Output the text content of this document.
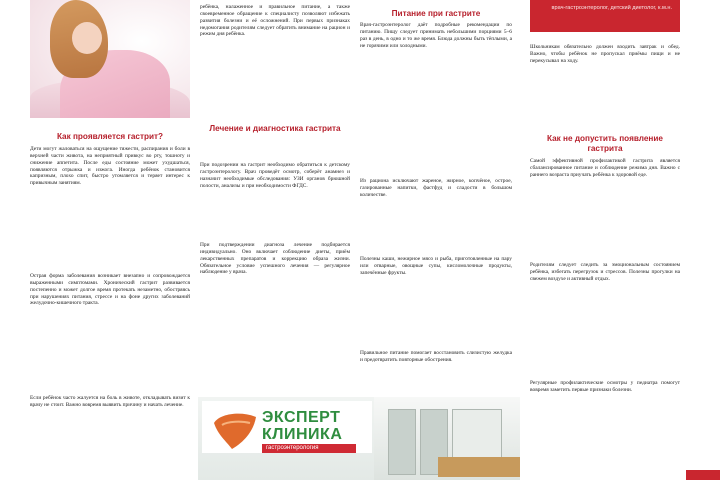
Как проявляется гастрит?

Дети могут жаловаться на ощущение тяжести, распирания и боли в верхней части живота, на неприятный привкус во рту, тошноту и снижение аппетита. После еды состояние может ухудшаться, появляются отрыжка и изжога. Иногда ребёнок становится капризным, плохо спит, быстро утомляется и теряет интерес к привычным занятиям.

Острая форма заболевания возникает внезапно и сопровождается выраженными симптомами. Хронический гастрит развивается постепенно и может долгое время протекать незаметно, обостряясь при нарушениях питания, стрессе и на фоне других заболеваний желудочно-кишечного тракта.

Если ребёнок часто жалуется на боль в животе, откладывать визит к врачу не стоит. Важно вовремя выявить причину и начать лечение.

ребёнка, налаженное и правильное питание, а также своевременное обращение к специалисту позволяют избежать развития болезни и её осложнений. При первых признаках недомогания родителям следует обратить внимание на рацион и режим дня ребёнка.

Лечение и диагностика гастрита

При подозрении на гастрит необходимо обратиться к детскому гастроэнтерологу. Врач проведёт осмотр, соберёт анамнез и назначит необходимые обследования: УЗИ органов брюшной полости, анализы и при необходимости ФГДС.

При подтверждении диагноза лечение подбирается индивидуально. Оно включает соблюдение диеты, приём лекарственных препаратов и коррекцию образа жизни. Обязательное условие успешного лечения — регулярное наблюдение у врача.

Питание при гастрите

Врач-гастроэнтеролог даёт подробные рекомендации по питанию. Пищу следует принимать небольшими порциями 5–6 раз в день, в одно и то же время. Блюда должны быть тёплыми, а не горячими или холодными.

Из рациона исключают жареное, жирное, копчёное, острое, газированные напитки, фастфуд и сладости в большом количестве.

Полезны каши, нежирное мясо и рыба, приготовленные на пару или отварные, овощные супы, кисломолочные продукты, запечённые фрукты.

Правильное питание помогает восстановить слизистую желудка и предотвратить повторные обострения.

врач-гастроэнтеролог, детский диетолог, к.м.н.

Школьникам обязательно должен входить завтрак и обед. Важно, чтобы ребёнок не пропускал приёмы пищи и не перекусывал на ходу.

Как не допустить появление гастрита

Самой эффективной профилактикой гастрита является сбалансированное питание и соблюдение режима дня. Важно с раннего возраста приучать ребёнка к здоровой еде.

Родителям следует следить за эмоциональным состоянием ребёнка, избегать перегрузок и стрессов. Полезны прогулки на свежем воздухе и активный отдых.

Регулярные профилактические осмотры у педиатра помогут вовремя заметить первые признаки болезни.

ЭКСПЕРТ
КЛИНИКА
гастроэнтерология
